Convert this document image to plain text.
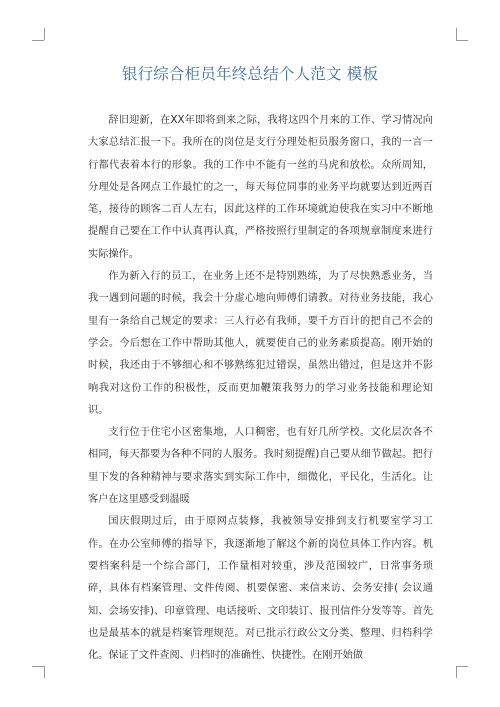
银行综合柜员年终总结个人范文 模板

辞旧迎新，在XX年即将到来之际，我将这四个月来的工作、学习情况向大家总结汇报一下。我所在的岗位是支行分理处柜员服务窗口，我的一言一行都代表着本行的形象。我的工作中不能有一丝的马虎和放松。众所周知，分理处是各网点工作最忙的之一，每天每位同事的业务平均就要达到近两百笔，接待的顾客二百人左右，因此这样的工作环境就迫使我在实习中不断地提醒自己要在工作中认真再认真，严格按照行里制定的各项规章制度来进行实际操作。

作为新入行的员工，在业务上还不是特别熟练，为了尽快熟悉业务，当我一遇到问题的时候，我会十分虚心地向师傅们请教。对待业务技能，我心里有一条给自己规定的要求：三人行必有我师，要千方百计的把自己不会的学会。今后想在工作中帮助其他人，就要使自己的业务素质提高。刚开始的时候，我还由于不够细心和不够熟练犯过错误，虽然出错过，但是这并不影响我对这份工作的积极性，反而更加鞭策我努力的学习业务技能和理论知识。

支行位于住宅小区密集地，人口稠密，也有好几所学校。文化层次各不相同，每天都要为各种不同的人服务。我时刻提醒)自己要从细节做起。把行里下发的各种精神与要求落实到实际工作中，细微化，平民化，生活化。让客户在这里感受到温暖

国庆假期过后，由于原网点装修，我被领导安排到支行机要室学习工作。在办公室师傅的指导下，我逐渐地了解这个新的岗位具体工作内容。机要档案科是一个综合部门，工作量相对较重，涉及范围较广，日常事务琐碎，具体有档案管理、文件传阅、机要保密、来信来访、会务安排( 会议通知、会场安排)、印章管理、电话接听、文印装订、报刊信件分发等等。首先也是最基本的就是档案管理规范。对已批示行政公文分类、整理、归档科学化。保证了文件查阅、归档时的准确性、快捷性。在刚开始做
